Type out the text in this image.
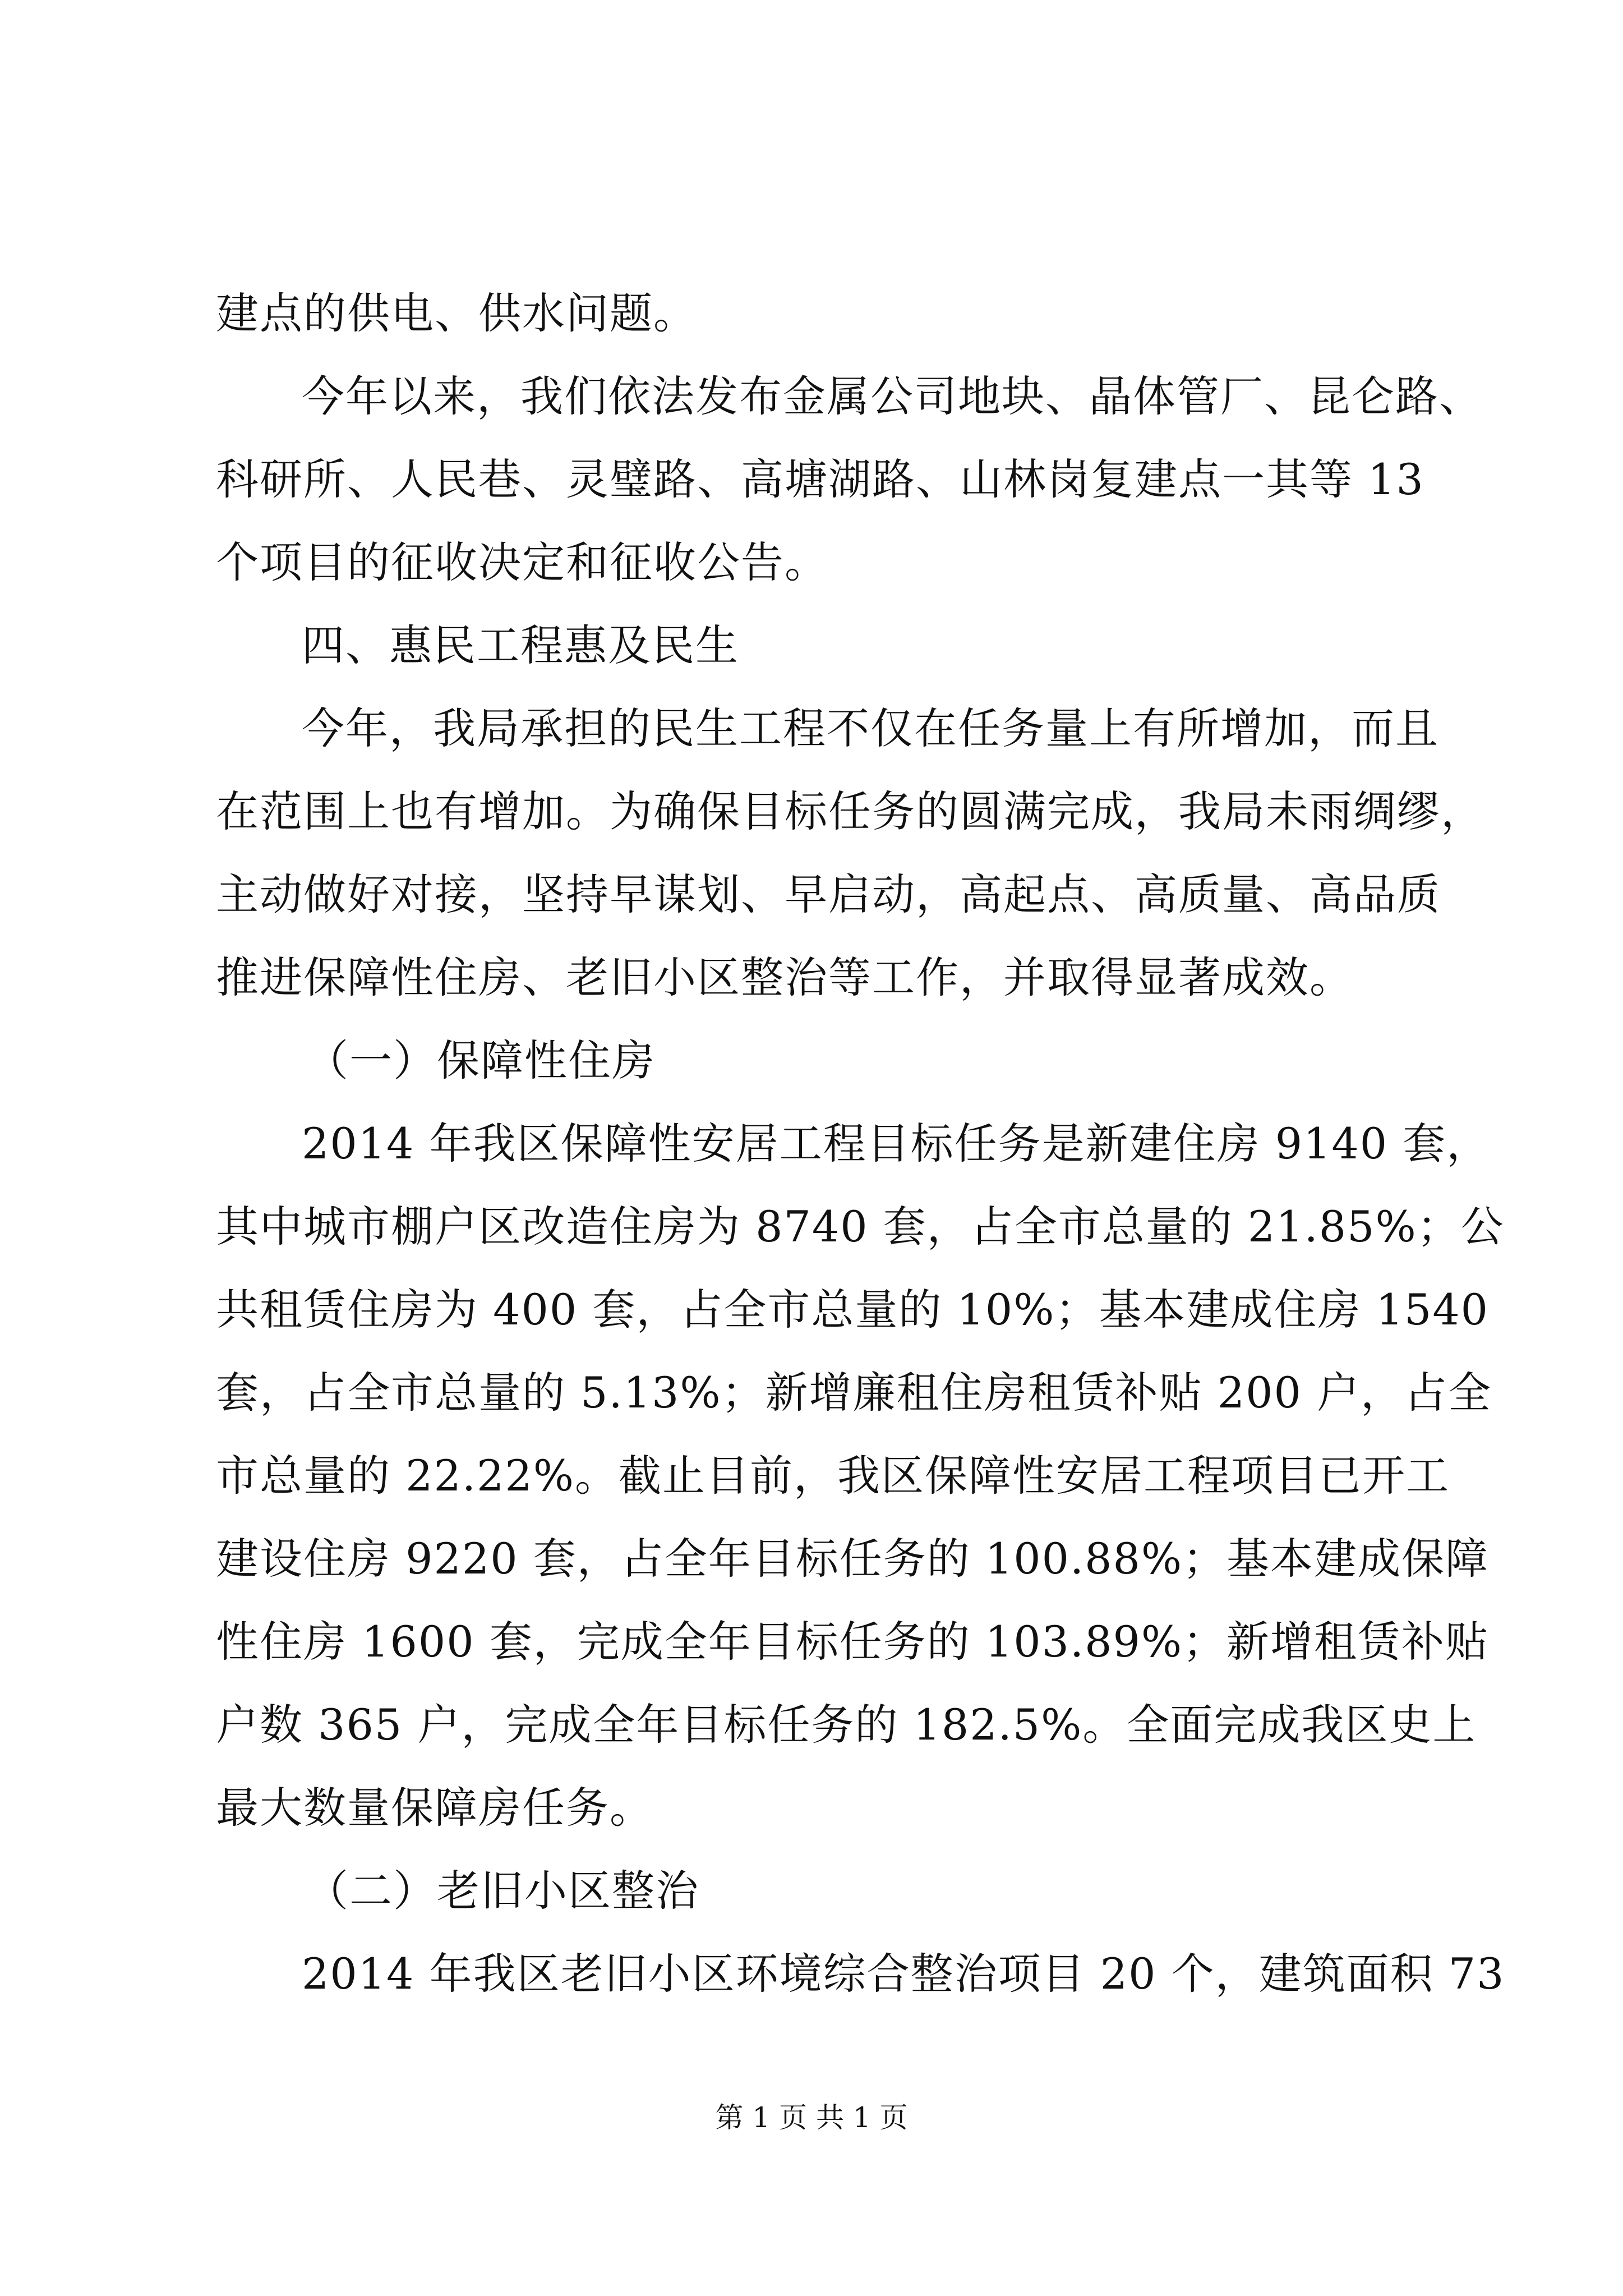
建点的供电、供水问题。
今年以来，我们依法发布金属公司地块、晶体管厂、昆仑路、
科研所、人民巷、灵璧路、高塘湖路、山林岗复建点一其等 13
个项目的征收决定和征收公告。
四、惠民工程惠及民生
今年，我局承担的民生工程不仅在任务量上有所增加，而且
在范围上也有增加。为确保目标任务的圆满完成，我局未雨绸缪，
主动做好对接，坚持早谋划、早启动，高起点、高质量、高品质
推进保障性住房、老旧小区整治等工作，并取得显著成效。
（一）保障性住房
2014 年我区保障性安居工程目标任务是新建住房 9140 套，
其中城市棚户区改造住房为 8740 套，占全市总量的 21.85%；公
共租赁住房为 400 套，占全市总量的 10%；基本建成住房 1540
套，占全市总量的 5.13%；新增廉租住房租赁补贴 200 户，占全
市总量的 22.22%。截止目前，我区保障性安居工程项目已开工
建设住房 9220 套，占全年目标任务的 100.88%；基本建成保障
性住房 1600 套，完成全年目标任务的 103.89%；新增租赁补贴
户数 365 户，完成全年目标任务的 182.5%。全面完成我区史上
最大数量保障房任务。
（二）老旧小区整治
2014 年我区老旧小区环境综合整治项目 20 个，建筑面积 73
第 1 页 共 1 页
